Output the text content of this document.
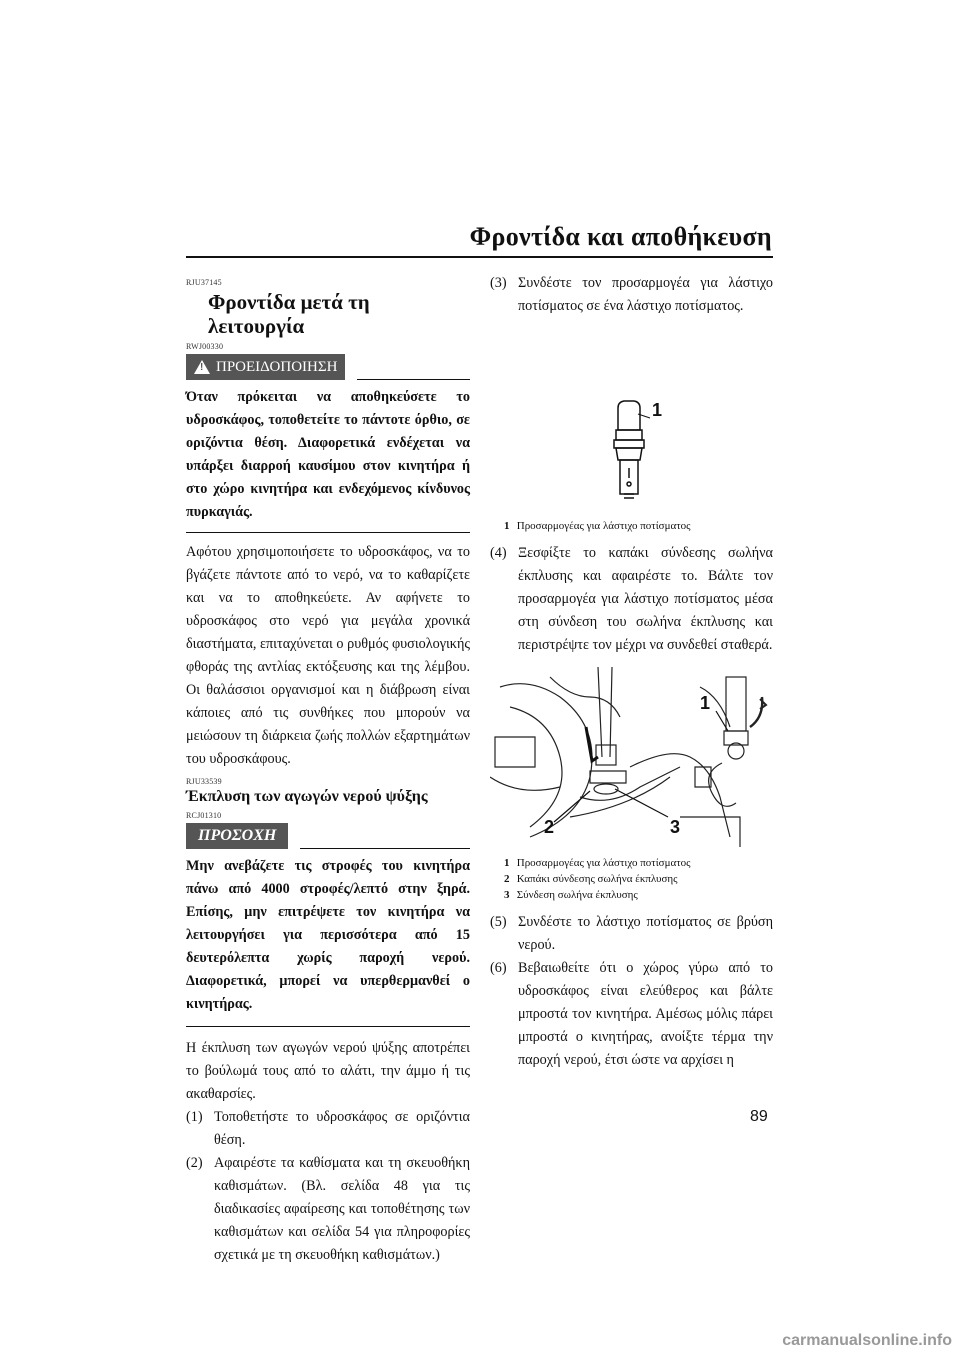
Φροντίδα και αποθήκευση
RJU37145
Φροντίδα μετά τη λειτουργία
RWJ00330
! ΠΡΟΕΙΔΟΠΟΙΗΣΗ

Όταν πρόκειται να αποθηκεύσετε το υδροσκάφος, τοποθετείτε το πάντοτε όρθιο, σε οριζόντια θέση. Διαφορετικά ενδέχεται να υπάρξει διαρροή καυσίμου στον κινητήρα ή στο χώρο κινητήρα και ενδεχόμενος κίνδυνος πυρκαγιάς.

Αφότου χρησιμοποιήσετε το υδροσκάφος, να το βγάζετε πάντοτε από το νερό, να το καθαρίζετε και να το αποθηκεύετε. Αν αφήνετε το υδροσκάφος στο νερό για μεγάλα χρονικά διαστήματα, επιταχύνεται ο ρυθμός φυσιολογικής φθοράς της αντλίας εκτόξευσης και της λέμβου. Οι θαλάσσιοι οργανισμοί και η διάβρωση είναι κάποιες από τις συνθήκες που μπορούν να μειώσουν τη διάρκεια ζωής πολλών εξαρτημάτων του υδροσκάφους.

RJU33539
Έκπλυση των αγωγών νερού ψύξης
RCJ01310
ΠΡΟΣΟΧΗ

Μην ανεβάζετε τις στροφές του κινητήρα πάνω από 4000 στροφές/λεπτό στην ξηρά. Επίσης, μην επιτρέψετε τον κινητήρα να λειτουργήσει για περισσότερα από 15 δευτερόλεπτα χωρίς παροχή νερού. Διαφορετικά, μπορεί να υπερθερμανθεί ο κινητήρας.

Η έκπλυση των αγωγών νερού ψύξης αποτρέπει το βούλωμά τους από το αλάτι, την άμμο ή τις ακαθαρσίες.

(1) Τοποθετήστε το υδροσκάφος σε οριζόντια θέση.
(2) Αφαιρέστε τα καθίσματα και τη σκευοθήκη καθισμάτων. (Βλ. σελίδα 48 για τις διαδικασίες αφαίρεσης και τοποθέτησης των καθισμάτων και σελίδα 54 για πληροφορίες σχετικά με τη σκευοθήκη καθισμάτων.)
(3) Συνδέστε τον προσαρμογέα για λάστιχο ποτίσματος σε ένα λάστιχο ποτίσματος.
1
1 Προσαρμογέας για λάστιχο ποτίσματος
(4) Ξεσφίξτε το καπάκι σύνδεσης σωλήνα έκπλυσης και αφαιρέστε το. Βάλτε τον προσαρμογέα για λάστιχο ποτίσματος μέσα στη σύνδεση του σωλήνα έκπλυσης και περιστρέψτε τον μέχρι να συνδεθεί σταθερά.
1
2	3
1 Προσαρμογέας για λάστιχο ποτίσματος
2 Καπάκι σύνδεσης σωλήνα έκπλυσης
3 Σύνδεση σωλήνα έκπλυσης
(5) Συνδέστε το λάστιχο ποτίσματος σε βρύση νερού.
(6) Βεβαιωθείτε ότι ο χώρος γύρω από το υδροσκάφος είναι ελεύθερος και βάλτε μπροστά τον κινητήρα. Αμέσως μόλις πάρει μπροστά ο κινητήρας, ανοίξτε τέρμα την παροχή νερού, έτσι ώστε να αρχίσει η
89
carmanualsonline.info
